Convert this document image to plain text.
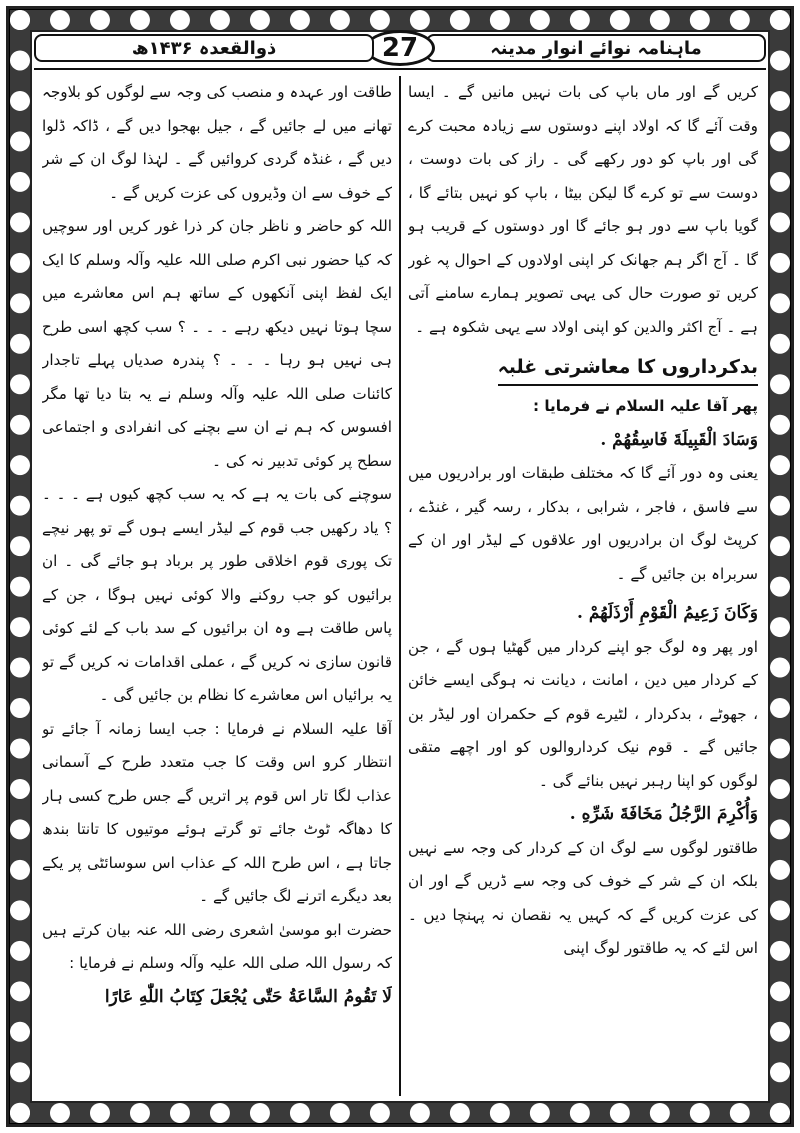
ماہنامہ نوائے انوارِ مدینہ
27
ذوالقعدہ ۱۴۳۶ھ

کریں گے اور ماں باپ کی بات نہیں مانیں گے ۔ ایسا وقت آئے گا کہ اولاد اپنے دوستوں سے زیادہ محبت کرے گی اور باپ کو دور رکھے گی ۔ راز کی بات دوست ، دوست سے تو کرے گا لیکن بیٹا ، باپ کو نہیں بتائے گا ، گویا باپ سے دور ہو جائے گا اور دوستوں کے قریب ہو گا ۔ آج اگر ہم جھانک کر اپنی اولادوں کے احوال پہ غور کریں تو صورت حال کی یہی تصویر ہمارے سامنے آتی ہے ۔ آج اکثر والدین کو اپنی اولاد سے یہی شکوہ ہے ۔

بدکرداروں کا معاشرتی غلبہ

پھر آقا علیہ السلام نے فرمایا :

وَسَادَ الْقَبِيلَةَ فَاسِقُهُمْ .

یعنی وہ دور آئے گا کہ مختلف طبقات اور برادریوں میں سے فاسق ، فاجر ، شرابی ، بدکار ، رسہ گیر ، غنڈے ، کرپٹ لوگ ان برادریوں اور علاقوں کے لیڈر اور ان کے سربراہ بن جائیں گے ۔

وَكَانَ زَعِيمُ الْقَوْمِ أَرْذَلَهُمْ .

اور پھر وہ لوگ جو اپنے کردار میں گھٹیا ہوں گے ، جن کے کردار میں دین ، امانت ، دیانت نہ ہوگی ایسے خائن ، جھوٹے ، بدکردار ، لٹیرے قوم کے حکمران اور لیڈر بن جائیں گے ۔ قوم نیک کرداروالوں کو اور اچھے متقی لوگوں کو اپنا رہبر نہیں بنائے گی ۔

وَأُكْرِمَ الرَّجُلُ مَخَافَةَ شَرِّهِ .

طاقتور لوگوں سے لوگ ان کے کردار کی وجہ سے نہیں بلکہ ان کے شر کے خوف کی وجہ سے ڈریں گے اور ان کی عزت کریں گے کہ کہیں یہ نقصان نہ پہنچا دیں ۔ اس لئے کہ یہ طاقتور لوگ اپنی

طاقت اور عہدہ و منصب کی وجہ سے لوگوں کو بلاوجہ تھانے میں لے جائیں گے ، جیل بھجوا دیں گے ، ڈاکہ ڈلوا دیں گے ، غنڈہ گردی کروائیں گے ۔ لہٰذا لوگ ان کے شر کے خوف سے ان وڈیروں کی عزت کریں گے ۔

اللہ کو حاضر و ناظر جان کر ذرا غور کریں اور سوچیں کہ کیا حضور نبی اکرم صلی اللہ علیہ وآلہ وسلم کا ایک ایک لفظ اپنی آنکھوں کے ساتھ ہم اس معاشرے میں سچا ہوتا نہیں دیکھ رہے ۔ ۔ ۔ ؟ سب کچھ اسی طرح ہی نہیں ہو رہا ۔ ۔ ۔ ؟ پندرہ صدیاں پہلے تاجدار کائنات صلی اللہ علیہ وآلہ وسلم نے یہ بتا دیا تھا مگر افسوس کہ ہم نے ان سے بچنے کی انفرادی و اجتماعی سطح پر کوئی تدبیر نہ کی ۔

سوچنے کی بات یہ ہے کہ یہ سب کچھ کیوں ہے ۔ ۔ ۔ ؟ یاد رکھیں جب قوم کے لیڈر ایسے ہوں گے تو پھر نیچے تک پوری قوم اخلاقی طور پر برباد ہو جائے گی ۔ ان برائیوں کو جب روکنے والا کوئی نہیں ہوگا ، جن کے پاس طاقت ہے وہ ان برائیوں کے سد باب کے لئے کوئی قانون سازی نہ کریں گے ، عملی اقدامات نہ کریں گے تو یہ برائیاں اس معاشرے کا نظام بن جائیں گی ۔

آقا علیہ السلام نے فرمایا : جب ایسا زمانہ آ جائے تو انتظار کرو اس وقت کا جب متعدد طرح کے آسمانی عذاب لگا تار اس قوم پر اتریں گے جس طرح کسی ہار کا دھاگہ ٹوٹ جائے تو گرتے ہوئے موتیوں کا تانتا بندھ جاتا ہے ، اس طرح اللہ کے عذاب اس سوسائٹی پر یکے بعد دیگرے اترنے لگ جائیں گے ۔

حضرت ابو موسیٰ اشعری رضی اللہ عنہ بیان کرتے ہیں کہ رسول اللہ صلی اللہ علیہ وآلہ وسلم نے فرمایا :

لَا تَقُومُ السَّاعَةُ حَتّٰى يُجْعَلَ كِتَابُ اللّٰهِ عَارًا
